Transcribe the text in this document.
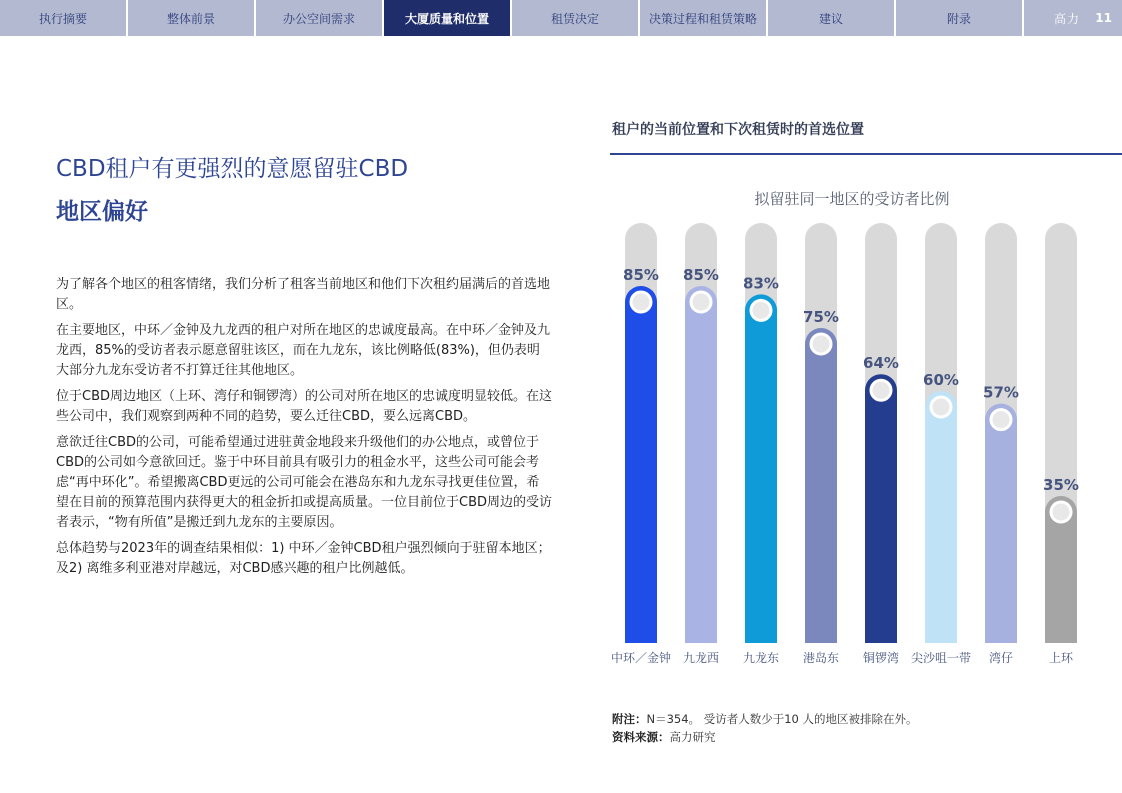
执行摘要	整体前景	办公空间需求	大厦质量和位置	租赁决定	决策过程和租赁策略	建议	附录	高力 11
CBD租户有更强烈的意愿留驻CBD
地区偏好

为了解各个地区的租客情绪，我们分析了租客当前地区和他们下次租约届满后的首选地区。

在主要地区，中环／金钟及九龙西的租户对所在地区的忠诚度最高。在中环／金钟及九龙西，85%的受访者表示愿意留驻该区，而在九龙东，该比例略低(83%)，但仍表明大部分九龙东受访者不打算迁往其他地区。

位于CBD周边地区（上环、湾仔和铜锣湾）的公司对所在地区的忠诚度明显较低。在这些公司中，我们观察到两种不同的趋势，要么迁往CBD，要么远离CBD。

意欲迁往CBD的公司，可能希望通过进驻黄金地段来升级他们的办公地点，或曾位于CBD的公司如今意欲回迁。鉴于中环目前具有吸引力的租金水平，这些公司可能会考虑“再中环化”。希望搬离CBD更远的公司可能会在港岛东和九龙东寻找更佳位置，希望在目前的预算范围内获得更大的租金折扣或提高质量。一位目前位于CBD周边的受访者表示，“物有所值”是搬迁到九龙东的主要原因。

总体趋势与2023年的调查结果相似：1) 中环／金钟CBD租户强烈倾向于驻留本地区；及2) 离维多利亚港对岸越远，对CBD感兴趣的租户比例越低。

租户的当前位置和下次租赁时的首选位置
拟留驻同一地区的受访者比例
85%
中环／金钟
85%
九龙西
83%
九龙东
75%
港岛东
64%
铜锣湾
60%
尖沙咀一带
57%
湾仔
35%
上环
附注：N＝354。 受访者人数少于10 人的地区被排除在外。
资料来源：高力研究
